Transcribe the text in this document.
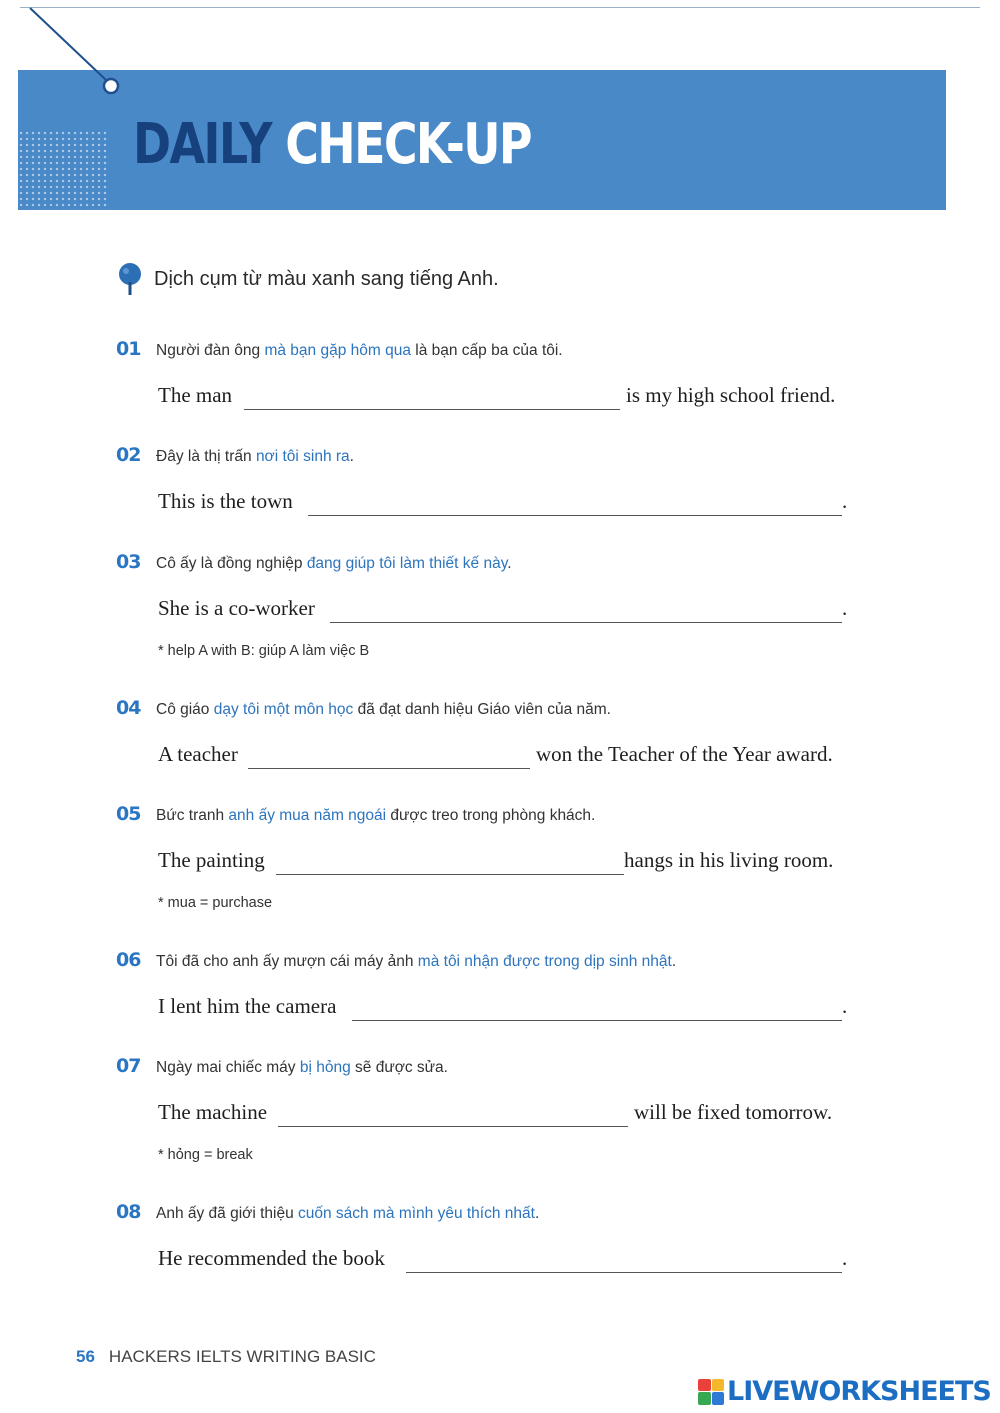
DAILY CHECK-UP
Dịch cụm từ màu xanh sang tiếng Anh.
01	Người đàn ông mà bạn gặp hôm qua là bạn cấp ba của tôi.
The man	is my high school friend.
02	Đây là thị trấn nơi tôi sinh ra.
This is the town	.
03	Cô ấy là đồng nghiệp đang giúp tôi làm thiết kế này.
She is a co-worker	.
* help A with B: giúp A làm việc B
04	Cô giáo dạy tôi một môn học đã đạt danh hiệu Giáo viên của năm.
A teacher	won the Teacher of the Year award.
05	Bức tranh anh ấy mua năm ngoái được treo trong phòng khách.
The painting	hangs in his living room.
* mua = purchase
06	Tôi đã cho anh ấy mượn cái máy ảnh mà tôi nhận được trong dịp sinh nhật.
I lent him the camera	.
07	Ngày mai chiếc máy bị hỏng sẽ được sửa.
The machine	will be fixed tomorrow.
* hỏng = break
08	Anh ấy đã giới thiệu cuốn sách mà mình yêu thích nhất.
He recommended the book	.
56 HACKERS IELTS WRITING BASIC
LIVEWORKSHEETS
